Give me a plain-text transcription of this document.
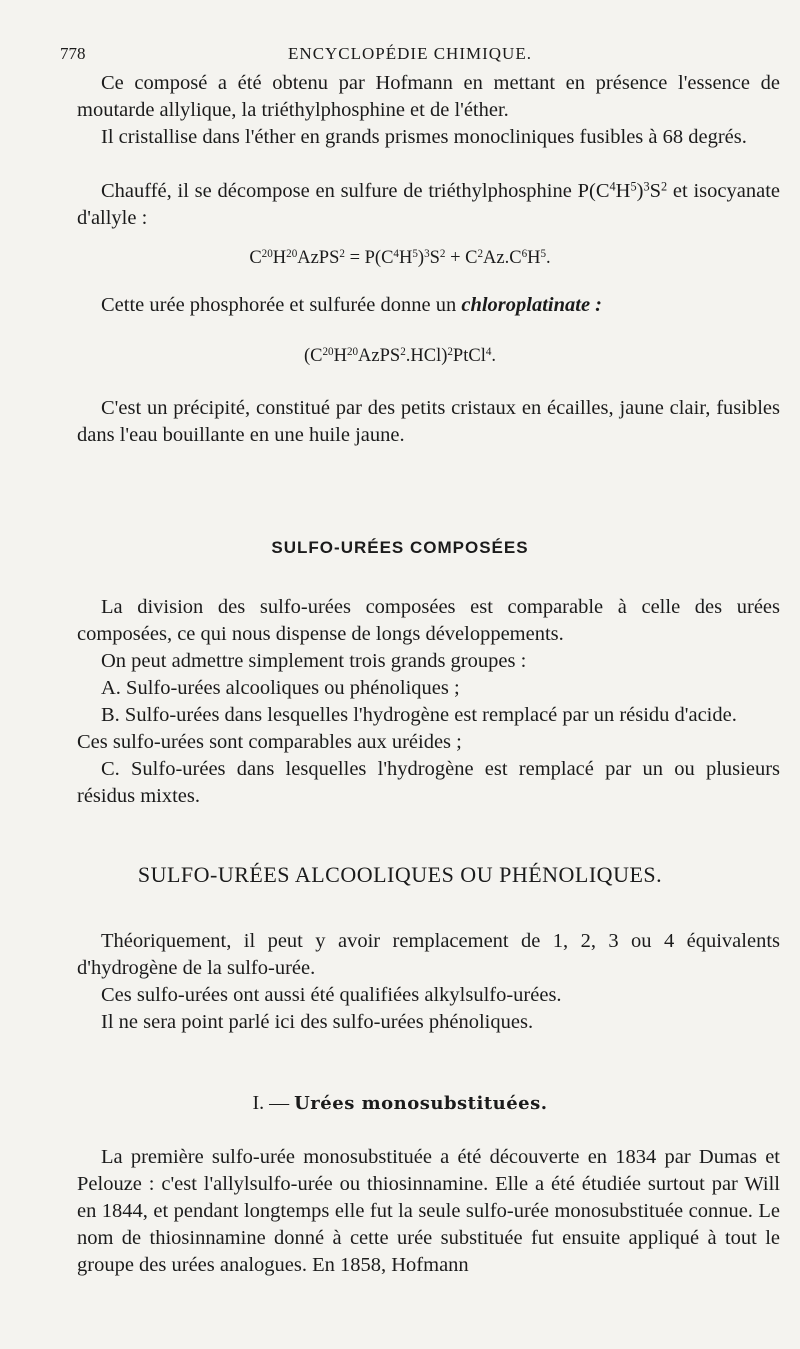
778	ENCYCLOPÉDIE CHIMIQUE.
Ce composé a été obtenu par Hofmann en mettant en présence l'essence de moutarde allylique, la triéthylphosphine et de l'éther.
Il cristallise dans l'éther en grands prismes monocliniques fusibles à 68 degrés.
Chauffé, il se décompose en sulfure de triéthylphosphine $P(C^4H^5)^3S^2$ et isocyanate d'allyle :
$C^{20}H^{20}AzPS^2 = P(C^4H^5)^3S^2 + C^2Az.C^6H^5$.
Cette urée phosphorée et sulfurée donne un chloroplatinate :
$(C^{20}H^{20}AzPS^2.HCl)^2PtCl^4$.
C'est un précipité, constitué par des petits cristaux en écailles, jaune clair, fusibles dans l'eau bouillante en une huile jaune.
SULFO-URÉES COMPOSÉES
La division des sulfo-urées composées est comparable à celle des urées composées, ce qui nous dispense de longs développements.
On peut admettre simplement trois grands groupes :
A. Sulfo-urées alcooliques ou phénoliques ;
B. Sulfo-urées dans lesquelles l'hydrogène est remplacé par un résidu d'acide.
Ces sulfo-urées sont comparables aux uréides ;
C. Sulfo-urées dans lesquelles l'hydrogène est remplacé par un ou plusieurs résidus mixtes.
SULFO-URÉES ALCOOLIQUES OU PHÉNOLIQUES.
Théoriquement, il peut y avoir remplacement de 1, 2, 3 ou 4 équivalents d'hydrogène de la sulfo-urée.
Ces sulfo-urées ont aussi été qualifiées alkylsulfo-urées.
Il ne sera point parlé ici des sulfo-urées phénoliques.
I. — Urées monosubstituées.
La première sulfo-urée monosubstituée a été découverte en 1834 par Dumas et Pelouze : c'est l'allylsulfo-urée ou thiosinnamine. Elle a été étudiée surtout par Will en 1844, et pendant longtemps elle fut la seule sulfo-urée monosubstituée connue. Le nom de thiosinnamine donné à cette urée substituée fut ensuite appliqué à tout le groupe des urées analogues. En 1858, Hofmann
